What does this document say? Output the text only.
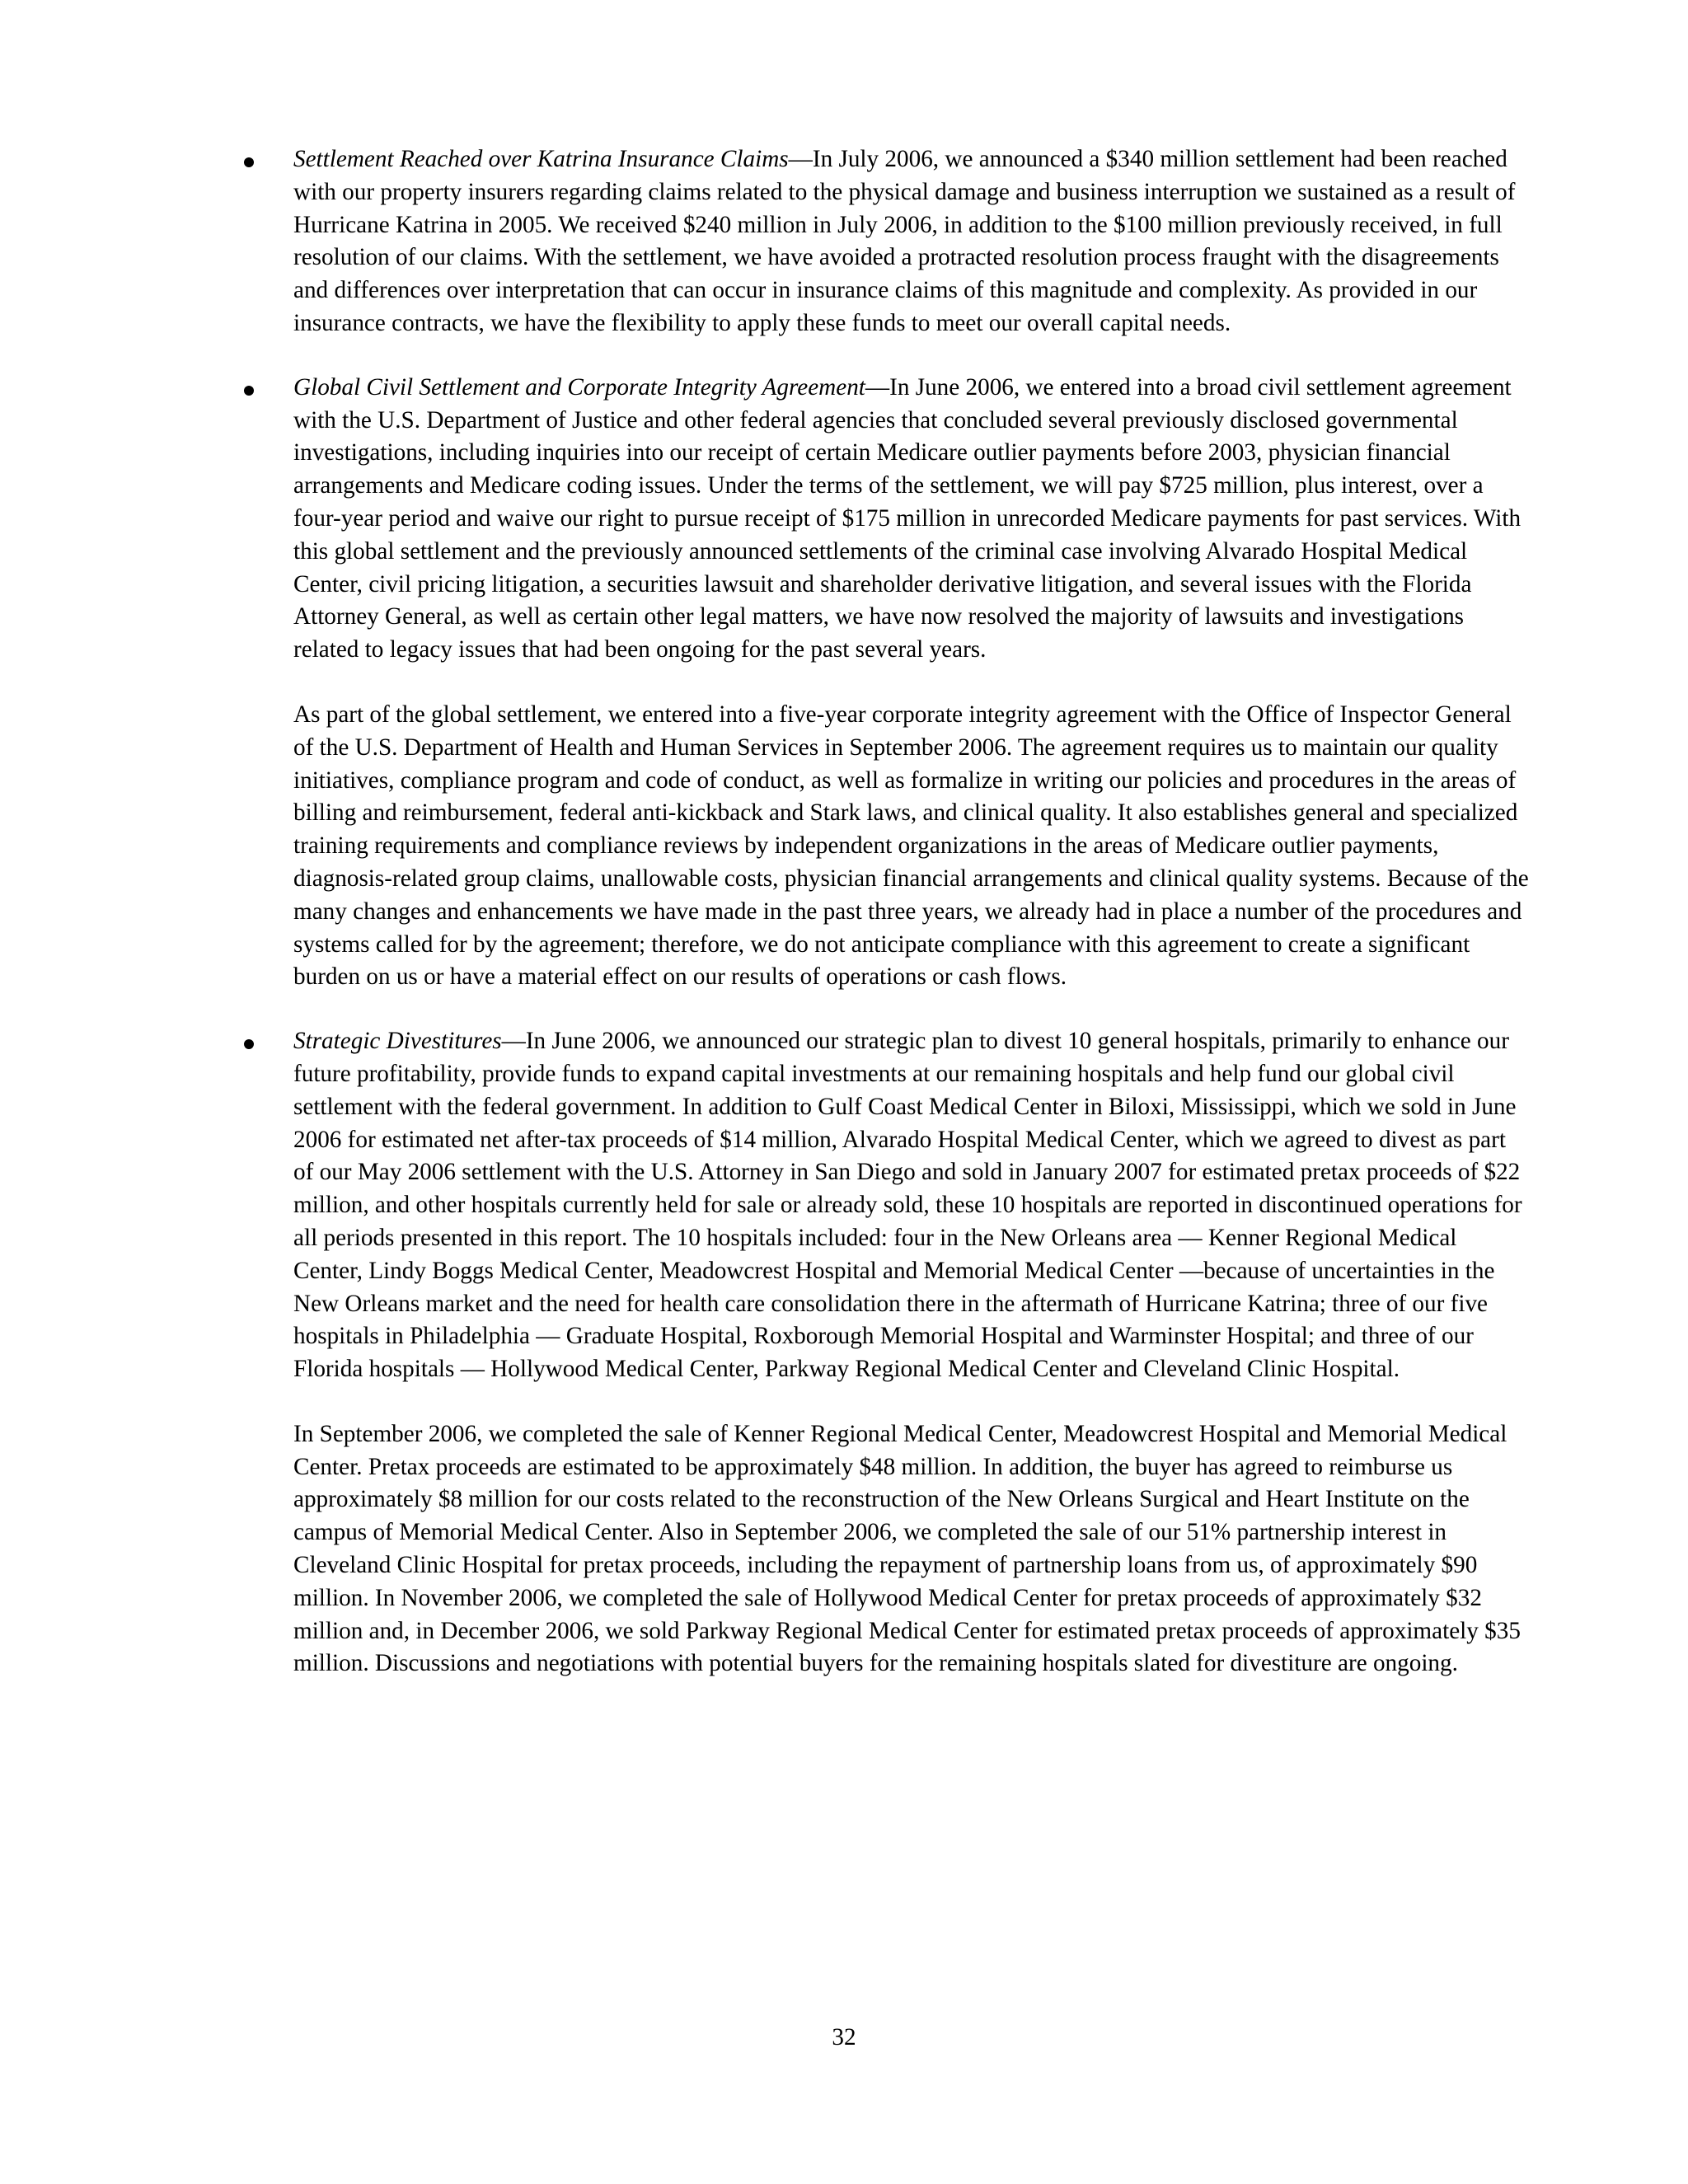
Settlement Reached over Katrina Insurance Claims—In July 2006, we announced a $340 million settlement had been reached with our property insurers regarding claims related to the physical damage and business interruption we sustained as a result of Hurricane Katrina in 2005. We received $240 million in July 2006, in addition to the $100 million previously received, in full resolution of our claims. With the settlement, we have avoided a protracted resolution process fraught with the disagreements and differences over interpretation that can occur in insurance claims of this magnitude and complexity. As provided in our insurance contracts, we have the flexibility to apply these funds to meet our overall capital needs.

Global Civil Settlement and Corporate Integrity Agreement—In June 2006, we entered into a broad civil settlement agreement with the U.S. Department of Justice and other federal agencies that concluded several previously disclosed governmental investigations, including inquiries into our receipt of certain Medicare outlier payments before 2003, physician financial arrangements and Medicare coding issues. Under the terms of the settlement, we will pay $725 million, plus interest, over a four-year period and waive our right to pursue receipt of $175 million in unrecorded Medicare payments for past services. With this global settlement and the previously announced settlements of the criminal case involving Alvarado Hospital Medical Center, civil pricing litigation, a securities lawsuit and shareholder derivative litigation, and several issues with the Florida Attorney General, as well as certain other legal matters, we have now resolved the majority of lawsuits and investigations related to legacy issues that had been ongoing for the past several years.

As part of the global settlement, we entered into a five-year corporate integrity agreement with the Office of Inspector General of the U.S. Department of Health and Human Services in September 2006. The agreement requires us to maintain our quality initiatives, compliance program and code of conduct, as well as formalize in writing our policies and procedures in the areas of billing and reimbursement, federal anti-kickback and Stark laws, and clinical quality. It also establishes general and specialized training requirements and compliance reviews by independent organizations in the areas of Medicare outlier payments, diagnosis-related group claims, unallowable costs, physician financial arrangements and clinical quality systems. Because of the many changes and enhancements we have made in the past three years, we already had in place a number of the procedures and systems called for by the agreement; therefore, we do not anticipate compliance with this agreement to create a significant burden on us or have a material effect on our results of operations or cash flows.

Strategic Divestitures—In June 2006, we announced our strategic plan to divest 10 general hospitals, primarily to enhance our future profitability, provide funds to expand capital investments at our remaining hospitals and help fund our global civil settlement with the federal government. In addition to Gulf Coast Medical Center in Biloxi, Mississippi, which we sold in June 2006 for estimated net after-tax proceeds of $14 million, Alvarado Hospital Medical Center, which we agreed to divest as part of our May 2006 settlement with the U.S. Attorney in San Diego and sold in January 2007 for estimated pretax proceeds of $22 million, and other hospitals currently held for sale or already sold, these 10 hospitals are reported in discontinued operations for all periods presented in this report. The 10 hospitals included: four in the New Orleans area — Kenner Regional Medical Center, Lindy Boggs Medical Center, Meadowcrest Hospital and Memorial Medical Center —because of uncertainties in the New Orleans market and the need for health care consolidation there in the aftermath of Hurricane Katrina; three of our five hospitals in Philadelphia — Graduate Hospital, Roxborough Memorial Hospital and Warminster Hospital; and three of our Florida hospitals — Hollywood Medical Center, Parkway Regional Medical Center and Cleveland Clinic Hospital.

In September 2006, we completed the sale of Kenner Regional Medical Center, Meadowcrest Hospital and Memorial Medical Center. Pretax proceeds are estimated to be approximately $48 million. In addition, the buyer has agreed to reimburse us approximately $8 million for our costs related to the reconstruction of the New Orleans Surgical and Heart Institute on the campus of Memorial Medical Center. Also in September 2006, we completed the sale of our 51% partnership interest in Cleveland Clinic Hospital for pretax proceeds, including the repayment of partnership loans from us, of approximately $90 million. In November 2006, we completed the sale of Hollywood Medical Center for pretax proceeds of approximately $32 million and, in December 2006, we sold Parkway Regional Medical Center for estimated pretax proceeds of approximately $35 million. Discussions and negotiations with potential buyers for the remaining hospitals slated for divestiture are ongoing.

32
